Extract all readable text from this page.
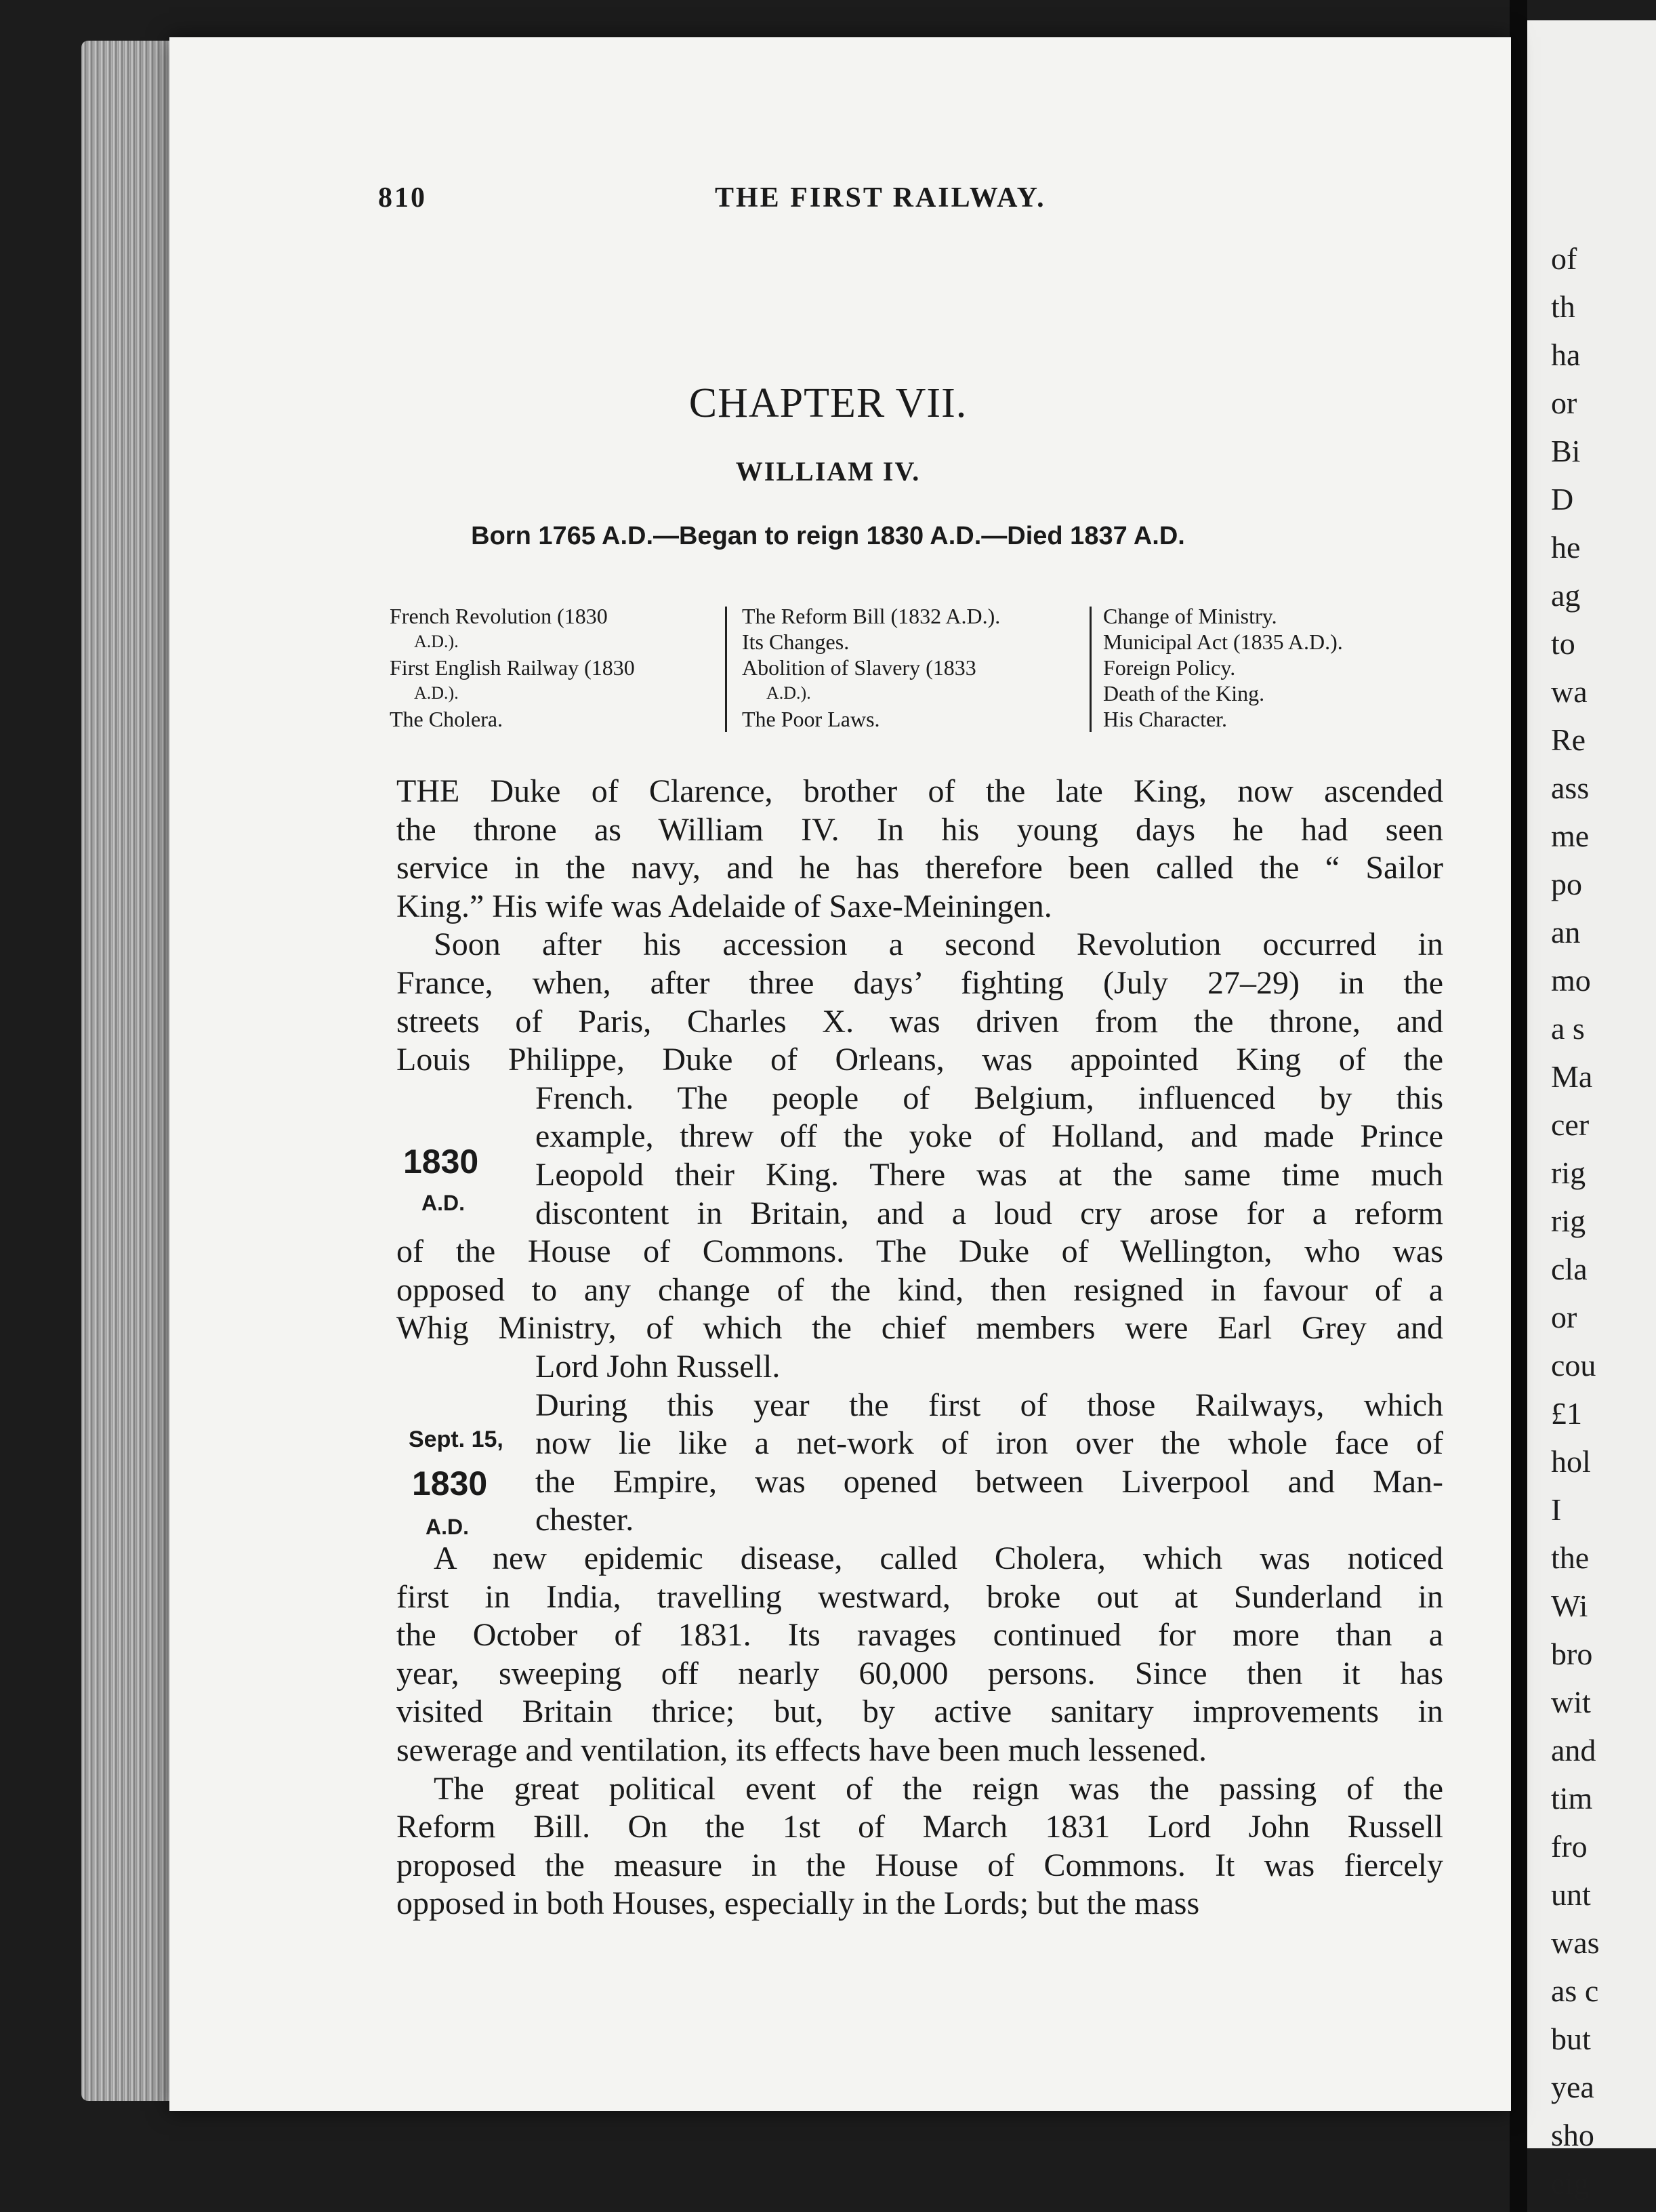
of
th
ha
or
Bi
D
he
ag
to
wa
Re
ass
me
po
an
mo
a s
Ma
cer
rig
rig
cla
or
cou
£1
hol
I
the
Wi
bro
wit
and
tim
fro
unt
was
as c
but
yea
sho
eig
810	THE FIRST RAILWAY.
CHAPTER VII.
WILLIAM IV.
Born 1765 A.D.—Began to reign 1830 A.D.—Died 1837 A.D.
French Revolution (1830
A.D.).
First English Railway (1830
A.D.).
The Cholera.
The Reform Bill (1832 A.D.).
Its Changes.
Abolition of Slavery (1833
A.D.).
The Poor Laws.
Change of Ministry.
Municipal Act (1835 A.D.).
Foreign Policy.
Death of the King.
His Character.
1830
A.D.
Sept. 15,
1830
A.D.
THE Duke of Clarence, brother of the late King, now ascended
the throne as William IV. In his young days he had seen
service in the navy, and he has therefore been called the “ Sailor
King.” His wife was Adelaide of Saxe-Meiningen.
Soon after his accession a second Revolution occurred in
France, when, after three days’ fighting (July 27–29) in the
streets of Paris, Charles X. was driven from the throne, and
Louis Philippe, Duke of Orleans, was appointed King of the
French. The people of Belgium, influenced by this
example, threw off the yoke of Holland, and made Prince
Leopold their King. There was at the same time much
discontent in Britain, and a loud cry arose for a reform
of the House of Commons. The Duke of Wellington, who was
opposed to any change of the kind, then resigned in favour of a
Whig Ministry, of which the chief members were Earl Grey and
Lord John Russell.
During this year the first of those Railways, which
now lie like a net-work of iron over the whole face of
the Empire, was opened between Liverpool and Man-
chester.
A new epidemic disease, called Cholera, which was noticed
first in India, travelling westward, broke out at Sunderland in
the October of 1831. Its ravages continued for more than a
year, sweeping off nearly 60,000 persons. Since then it has
visited Britain thrice; but, by active sanitary improvements in
sewerage and ventilation, its effects have been much lessened.
The great political event of the reign was the passing of the
Reform Bill. On the 1st of March 1831 Lord John Russell
proposed the measure in the House of Commons. It was fiercely
opposed in both Houses, especially in the Lords; but the mass
